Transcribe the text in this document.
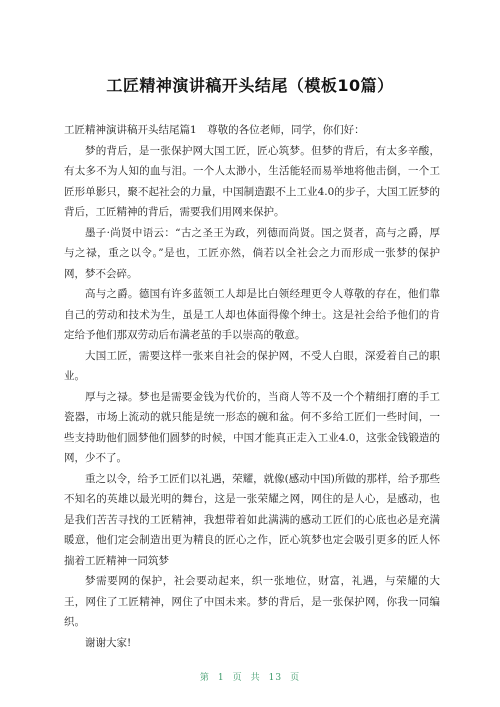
工匠精神演讲稿开头结尾（模板10篇）

工匠精神演讲稿开头结尾篇1　尊敬的各位老师，同学，你们好：

梦的背后，是一张保护网大国工匠，匠心筑梦。但梦的背后，有太多辛酸，有太多不为人知的血与泪。一个人太渺小，生活能轻而易举地将他击倒，一个工匠形单影只，聚不起社会的力量，中国制造跟不上工业4.0的步子，大国工匠梦的背后，工匠精神的背后，需要我们用网来保护。

墨子·尚贤中语云：“古之圣王为政，列德而尚贤。国之贤者，高与之爵，厚与之禄，重之以令。”是也，工匠亦然，倘若以全社会之力而形成一张梦的保护网，梦不会碎。

高与之爵。德国有许多蓝领工人却是比白领经理更令人尊敬的存在，他们靠自己的劳动和技术为生，虽是工人却也体面得像个绅士。这是社会给予他们的肯定给予他们那双劳动后布满老茧的手以崇高的敬意。

大国工匠，需要这样一张来自社会的保护网，不受人白眼，深爱着自己的职业。

厚与之禄。梦也是需要金钱为代价的，当商人等不及一个个精细打磨的手工瓷器，市场上流动的就只能是统一形态的碗和盆。何不多给工匠们一些时间，一些支持助他们圆梦他们圆梦的时候，中国才能真正走入工业4.0，这张金钱锻造的网，少不了。

重之以令，给予工匠们以礼遇，荣耀，就像(感动中国)所做的那样，给予那些不知名的英雄以最光明的舞台，这是一张荣耀之网，网住的是人心，是感动，也是我们苦苦寻找的工匠精神，我想带着如此满满的感动工匠们的心底也必是充满暖意，他们定会制造出更为精良的匠心之作，匠心筑梦也定会吸引更多的匠人怀揣着工匠精神一同筑梦

梦需要网的保护，社会要动起来，织一张地位，财富，礼遇，与荣耀的大王，网住了工匠精神，网住了中国未来。梦的背后，是一张保护网，你我一同编织。

谢谢大家!

第 1 页 共 13 页
